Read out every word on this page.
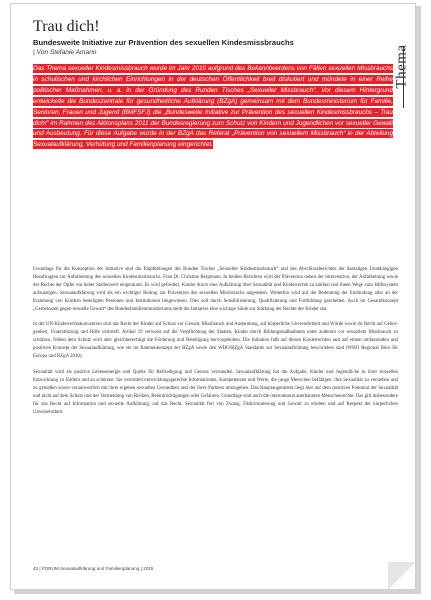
Trau dich!
Bundesweite Initiative zur Prävention des sexuellen Kindesmissbrauchs

| Von Stefanie Amann	Thema

Das Thema sexueller Kindesmissbrauch wurde im Jahr 2010 aufgrund des Bekanntwerdens von Fällen sexuellen Missbrauchs in schulischen und kirchlichen Einrichtungen in der deutschen Öffentlichkeit breit diskutiert und mündete in einer Reihe politischer Maßnahmen, u. a. in der Gründung des Runden Tisches „Sexueller Missbrauch“. Vor diesem Hintergrund entwickelte die Bundeszentrale für gesundheitliche Aufklärung (BZgA) gemeinsam mit dem Bundesministerium für Familie, Senioren, Frauen und Jugend (BMFSFJ) die „Bundesweite Initiative zur Prävention des sexuellen Kindesmissbrauchs – Trau dich!“ im Rahmen des Aktionsplans 2011 der Bundesregierung zum Schutz von Kindern und Jugendlichen vor sexueller Gewalt und Ausbeutung. Für diese Aufgabe wurde in der BZgA das Referat „Prävention von sexuellem Missbrauch“ in der Abteilung Sexualaufklärung, Verhütung und Familienplanung eingerichtet.

Grundlage für die Konzeption der Initiative sind die Empfehlungen des Runden Tisches „Sexueller Kindesmissbrauch“ und des Abschlussberichtes der damaligen Unabhängigen Beauftragten zur Aufarbeitung des sexuellen Kindesmissbrauchs, Frau Dr. Christine Bergmann. In beiden Berichten wird der Prävention neben der Intervention, der Aufarbeitung sowie der Rechte der Opfer ein hoher Stellenwert eingeräumt. Es wird gefordert, Kinder durch eine Aufklärung über Sexualität und Kinderrechte zu stärken und ihnen Wege zum Hilfesystem aufzuzeigen. Sexualaufklärung wird als ein wichtiger Beitrag zur Prävention des sexuellen Missbrauchs angesehen. Weiterhin wird auf die Bedeutung der Einbindung aller an der Erziehung von Kindern beteiligten Personen und Institutionen hingewiesen. Dies soll durch Sensibilisierung, Qualifizierung und Fortbildung geschehen. Auch im Gesamtkonzept „Gemeinsam gegen sexuelle Gewalt“ des Bundesfamilienministeriums stellt die Initiative eine wichtige Säule zur Stärkung der Rechte der Kinder dar.

In der UN-Kinderrechtskonvention sind das Recht der Kinder auf Schutz vor Gewalt, Missbrauch und Ausbeutung, auf körperliche Unversehrtheit und Würde sowie ihr Recht auf Geborgenheit, Unterstützung und Hilfe verbrieft. Artikel 19 verweist auf die Verpflichtung der Staaten, Kinder durch Bildungsmaßnahmen unter anderem vor sexuellem Missbrauch zu schützen. Neben dem Schutz wird aber gleichberechtigt die Förderung und Beteiligung hervorgehoben. Die Initiative fußt auf diesen Kinderrechten und auf einem umfassenden und positiven Konzept der Sexualaufklärung, wie sie im Rahmenkonzept der BZgA sowie den WHO/BZgA Standards zur Sexualaufklärung beschrieben sind (WHO Regional Büro für Europa und BZgA 2010).

Sexualität wird als positive Lebensenergie und Quelle für Befriedigung und Genuss verstanden. Sexualaufklärung hat die Aufgabe, Kinder und Jugendliche in ihrer sexuellen Entwicklung zu fördern und zu schützen. Sie vermittelt entwicklungsgerechte Informationen, Kompetenzen und Werte, die junge Menschen befähigen, ihre Sexualität zu verstehen und zu genießen sowie verantwortlich mit ihrer eigenen sexuellen Gesundheit und der ihres Partners umzugehen. Das Hauptaugenmerk liegt hier auf dem positiven Potential der Sexualität und nicht auf dem Schutz und der Vermeidung von Risiken, Beeinträchtigungen oder Gefahren. Grundlage sind auch die international anerkannten Menschenrechte. Das gilt insbesondere für das Recht auf Information und sexuelle Aufklärung, auf das Recht, Sexualität frei von Zwang, Diskriminierung und Gewalt zu erleben und auf Respekt der körperlichen Unversehrtheit.

43 | FORUM Sexualaufklärung und Familienplanung | 2015
